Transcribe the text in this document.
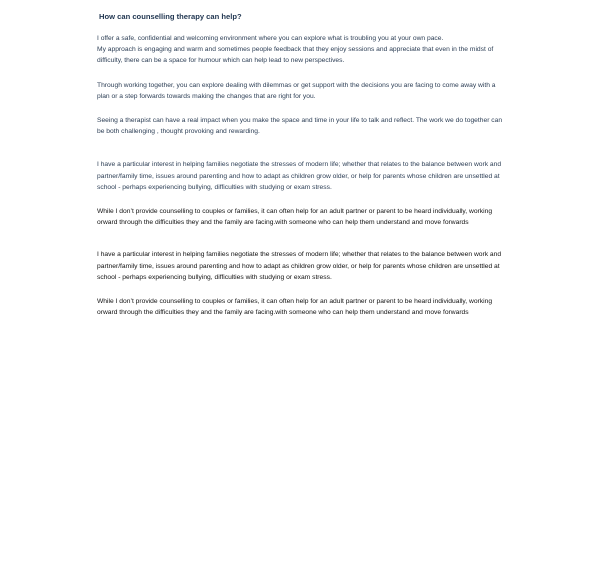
How can counselling therapy can help?

I offer a safe, confidential and welcoming environment where you can explore what is troubling you at your own pace.

My approach is engaging and warm and sometimes people feedback that they enjoy sessions and appreciate that even in the midst of difficulty, there can be a space for humour which can help lead to new perspectives.

Through working together, you can explore dealing with dilemmas or get support with the decisions you are facing to come away with a plan or a step forwards towards making the changes that are right for you.

Seeing a therapist can have a real impact when you make the space and time in your life to talk and reflect. The work we do together can be both challenging , thought provoking and rewarding.

I have a particular interest in helping families negotiate the stresses of modern life; whether that relates to the balance between work and partner/family time, issues around parenting and how to adapt as children grow older, or help for parents whose children are unsettled at school - perhaps experiencing bullying, difficulties with studying or exam stress.

While I don’t provide counselling to couples or families, it can often help for an adult partner or parent to be heard individually, working orward through the difficulties they and the family are facing.with someone who can help them understand and move forwards

I have a particular interest in helping families negotiate the stresses of modern life; whether that relates to the balance between work and partner/family time, issues around parenting and how to adapt as children grow older, or help for parents whose children are unsettled at school - perhaps experiencing bullying, difficulties with studying or exam stress.

While I don’t provide counselling to couples or families, it can often help for an adult partner or parent to be heard individually, working orward through the difficulties they and the family are facing.with someone who can help them understand and move forwards
